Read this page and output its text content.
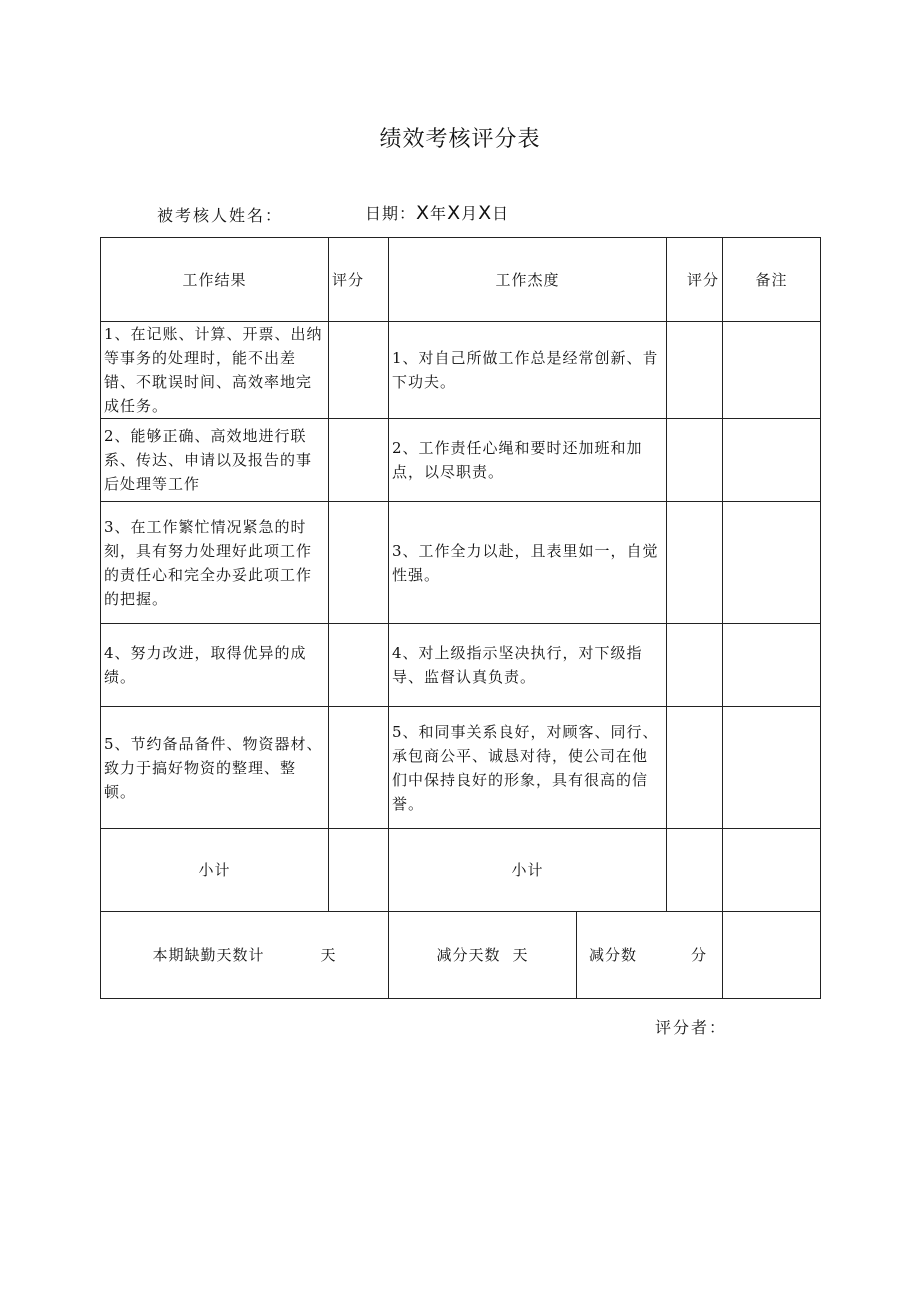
绩效考核评分表
被考核人姓名：	日期：X年X月X日
工作结果	评分	工作杰度		评分	备注
1、在记账、计算、开票、出纳等事务的处理时，能不出差错、不耽误时间、高效率地完成任务。		1、对自己所做工作总是经常创新、肯下功夫。			
2、能够正确、高效地进行联系、传达、申请以及报告的事后处理等工作		2、工作责任心绳和要时还加班和加点，以尽职责。			
3、在工作繁忙情况紧急的时刻，具有努力处理好此项工作的责任心和完全办妥此项工作的把握。		3、工作全力以赴，且表里如一，自觉性强。			
4、努力改进，取得优异的成绩。		4、对上级指示坚决执行，对下级指导、监督认真负责。			
5、节约备品备件、物资器材、致力于搞好物资的整理、整顿。		5、和同事关系良好，对顾客、同行、承包商公平、诚恳对待，使公司在他们中保持良好的形象，具有很高的信誉。			
小计		小计			
本期缺勤天数计 天		减分天数 天	减分数 分		
评分者：
